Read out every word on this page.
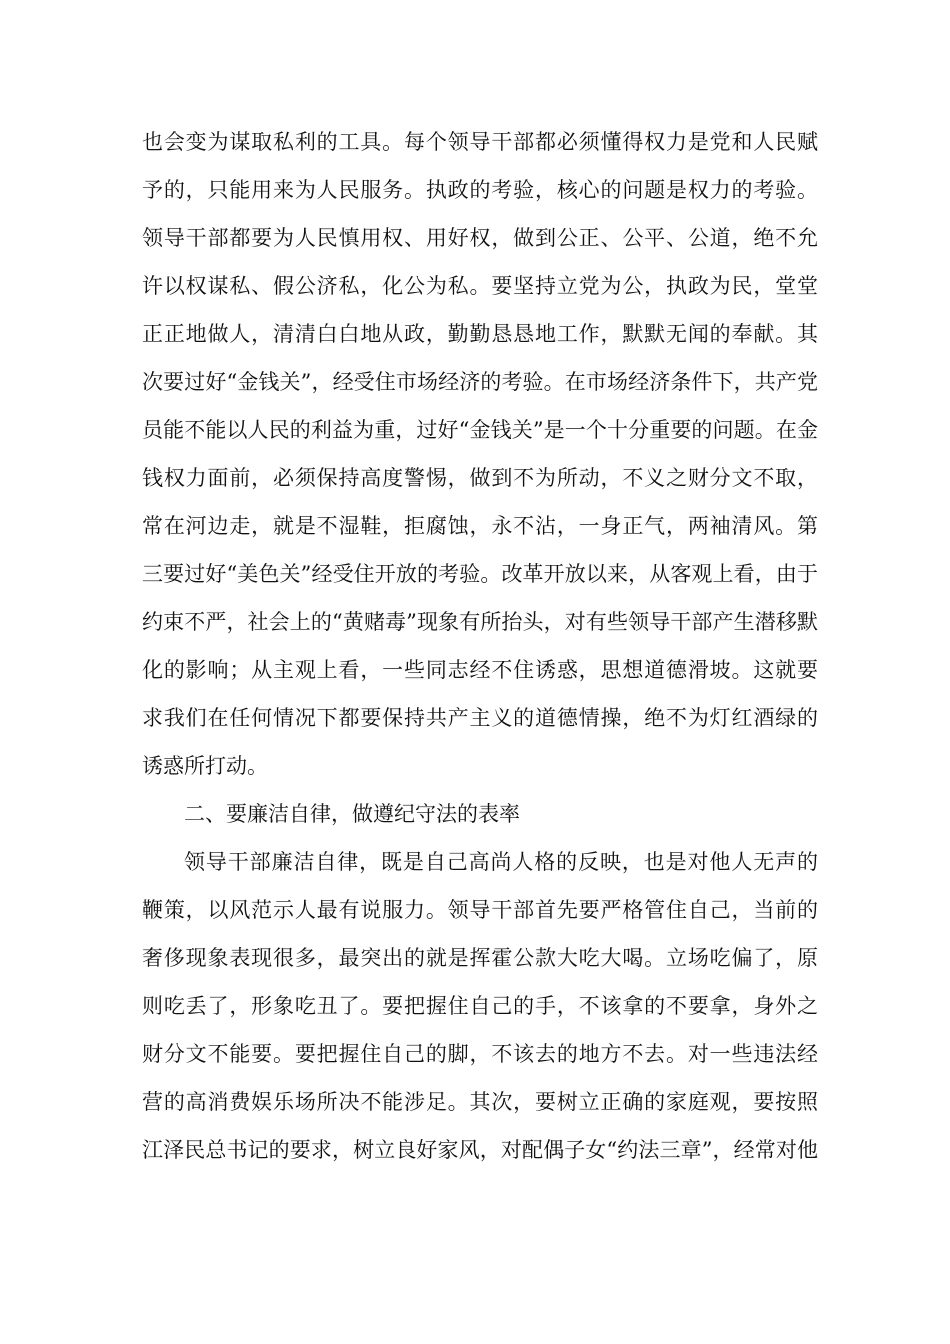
也会变为谋取私利的工具。每个领导干部都必须懂得权力是党和人民赋
予的，只能用来为人民服务。执政的考验，核心的问题是权力的考验。
领导干部都要为人民慎用权、用好权，做到公正、公平、公道，绝不允
许以权谋私、假公济私，化公为私。要坚持立党为公，执政为民，堂堂
正正地做人，清清白白地从政，勤勤恳恳地工作，默默无闻的奉献。其
次要过好“金钱关”，经受住市场经济的考验。在市场经济条件下，共产党
员能不能以人民的利益为重，过好“金钱关”是一个十分重要的问题。在金
钱权力面前，必须保持高度警惕，做到不为所动，不义之财分文不取，
常在河边走，就是不湿鞋，拒腐蚀，永不沾，一身正气，两袖清风。第
三要过好“美色关”经受住开放的考验。改革开放以来，从客观上看，由于
约束不严，社会上的“黄赌毒”现象有所抬头，对有些领导干部产生潜移默
化的影响；从主观上看，一些同志经不住诱惑，思想道德滑坡。这就要
求我们在任何情况下都要保持共产主义的道德情操，绝不为灯红酒绿的
诱惑所打动。
二、要廉洁自律，做遵纪守法的表率
领导干部廉洁自律，既是自己高尚人格的反映，也是对他人无声的
鞭策，以风范示人最有说服力。领导干部首先要严格管住自己，当前的
奢侈现象表现很多，最突出的就是挥霍公款大吃大喝。立场吃偏了，原
则吃丢了，形象吃丑了。要把握住自己的手，不该拿的不要拿，身外之
财分文不能要。要把握住自己的脚，不该去的地方不去。对一些违法经
营的高消费娱乐场所决不能涉足。其次，要树立正确的家庭观，要按照
江泽民总书记的要求，树立良好家风，对配偶子女“约法三章”，经常对他
